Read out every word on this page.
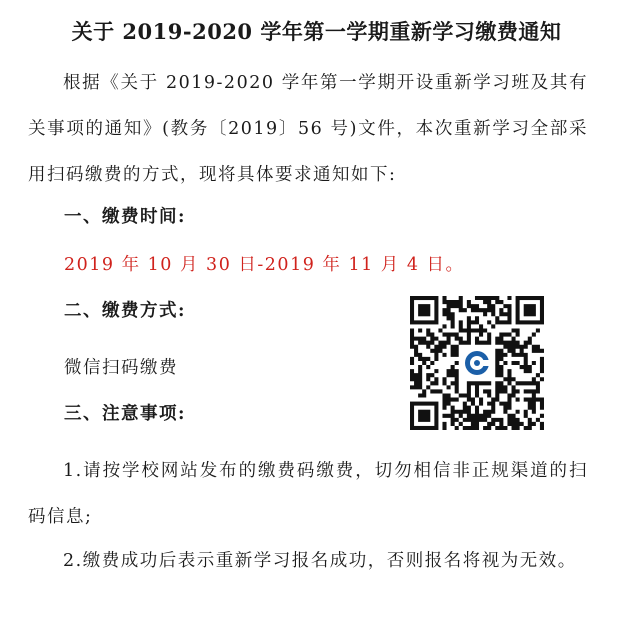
关于 2019-2020 学年第一学期重新学习缴费通知
根据《关于 2019-2020 学年第一学期开设重新学习班及其有关事项的通知》(教务〔2019〕56 号)文件，本次重新学习全部采用扫码缴费的方式，现将具体要求通知如下:
一、缴费时间:
2019 年 10 月 30 日-2019 年 11 月 4 日。
二、缴费方式:
微信扫码缴费
三、注意事项:
1.请按学校网站发布的缴费码缴费，切勿相信非正规渠道的扫码信息;
2.缴费成功后表示重新学习报名成功，否则报名将视为无效。
